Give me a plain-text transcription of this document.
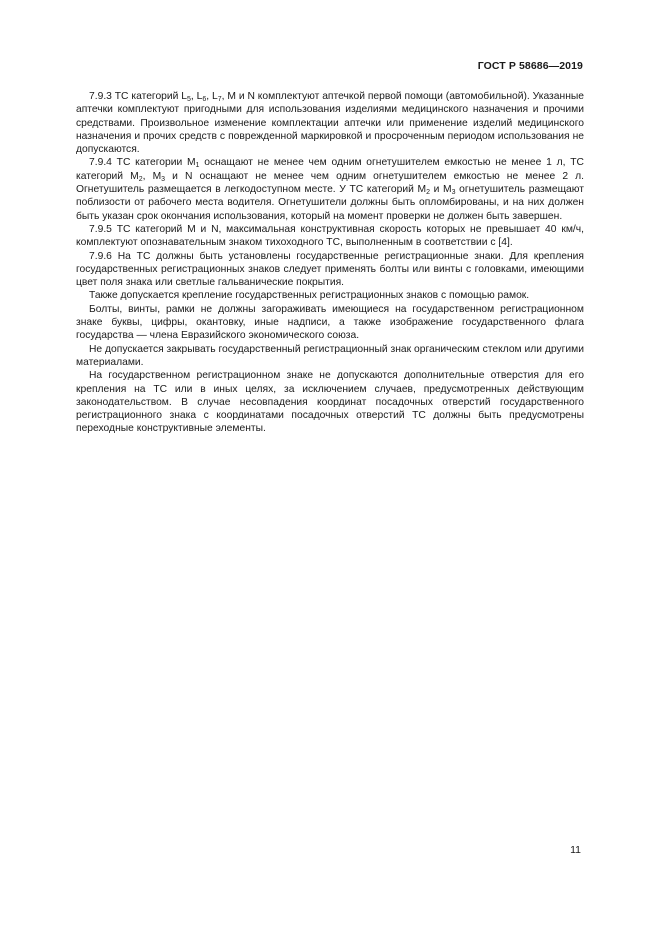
ГОСТ Р 58686—2019

7.9.3 ТС категорий $L_5$, $L_6$, $L_7$, М и N комплектуют аптечкой первой помощи (автомобильной). Указанные аптечки комплектуют пригодными для использования изделиями медицинского назначения и прочими средствами. Произвольное изменение комплектации аптечки или применение изделий медицинского назначения и прочих средств с поврежденной маркировкой и просроченным периодом использования не допускаются.

7.9.4 ТС категории $М_1$ оснащают не менее чем одним огнетушителем емкостью не менее 1 л, ТС категорий $М_2$, $М_3$ и N оснащают не менее чем одним огнетушителем емкостью не менее 2 л. Огнетушитель размещается в легкодоступном месте. У ТС категорий $М_2$ и $М_3$ огнетушитель размещают поблизости от рабочего места водителя. Огнетушители должны быть опломбированы, и на них должен быть указан срок окончания использования, который на момент проверки не должен быть завершен.

7.9.5 ТС категорий М и N, максимальная конструктивная скорость которых не превышает 40 км/ч, комплектуют опознавательным знаком тихоходного ТС, выполненным в соответствии с [4].

7.9.6 На ТС должны быть установлены государственные регистрационные знаки. Для крепления государственных регистрационных знаков следует применять болты или винты с головками, имеющими цвет поля знака или светлые гальванические покрытия.

Также допускается крепление государственных регистрационных знаков с помощью рамок.

Болты, винты, рамки не должны загораживать имеющиеся на государственном регистрационном знаке буквы, цифры, окантовку, иные надписи, а также изображение государственного флага государства — члена Евразийского экономического союза.

Не допускается закрывать государственный регистрационный знак органическим стеклом или другими материалами.

На государственном регистрационном знаке не допускаются дополнительные отверстия для его крепления на ТС или в иных целях, за исключением случаев, предусмотренных действующим законодательством. В случае несовпадения координат посадочных отверстий государственного регистрационного знака с координатами посадочных отверстий ТС должны быть предусмотрены переходные конструктивные элементы.

11
